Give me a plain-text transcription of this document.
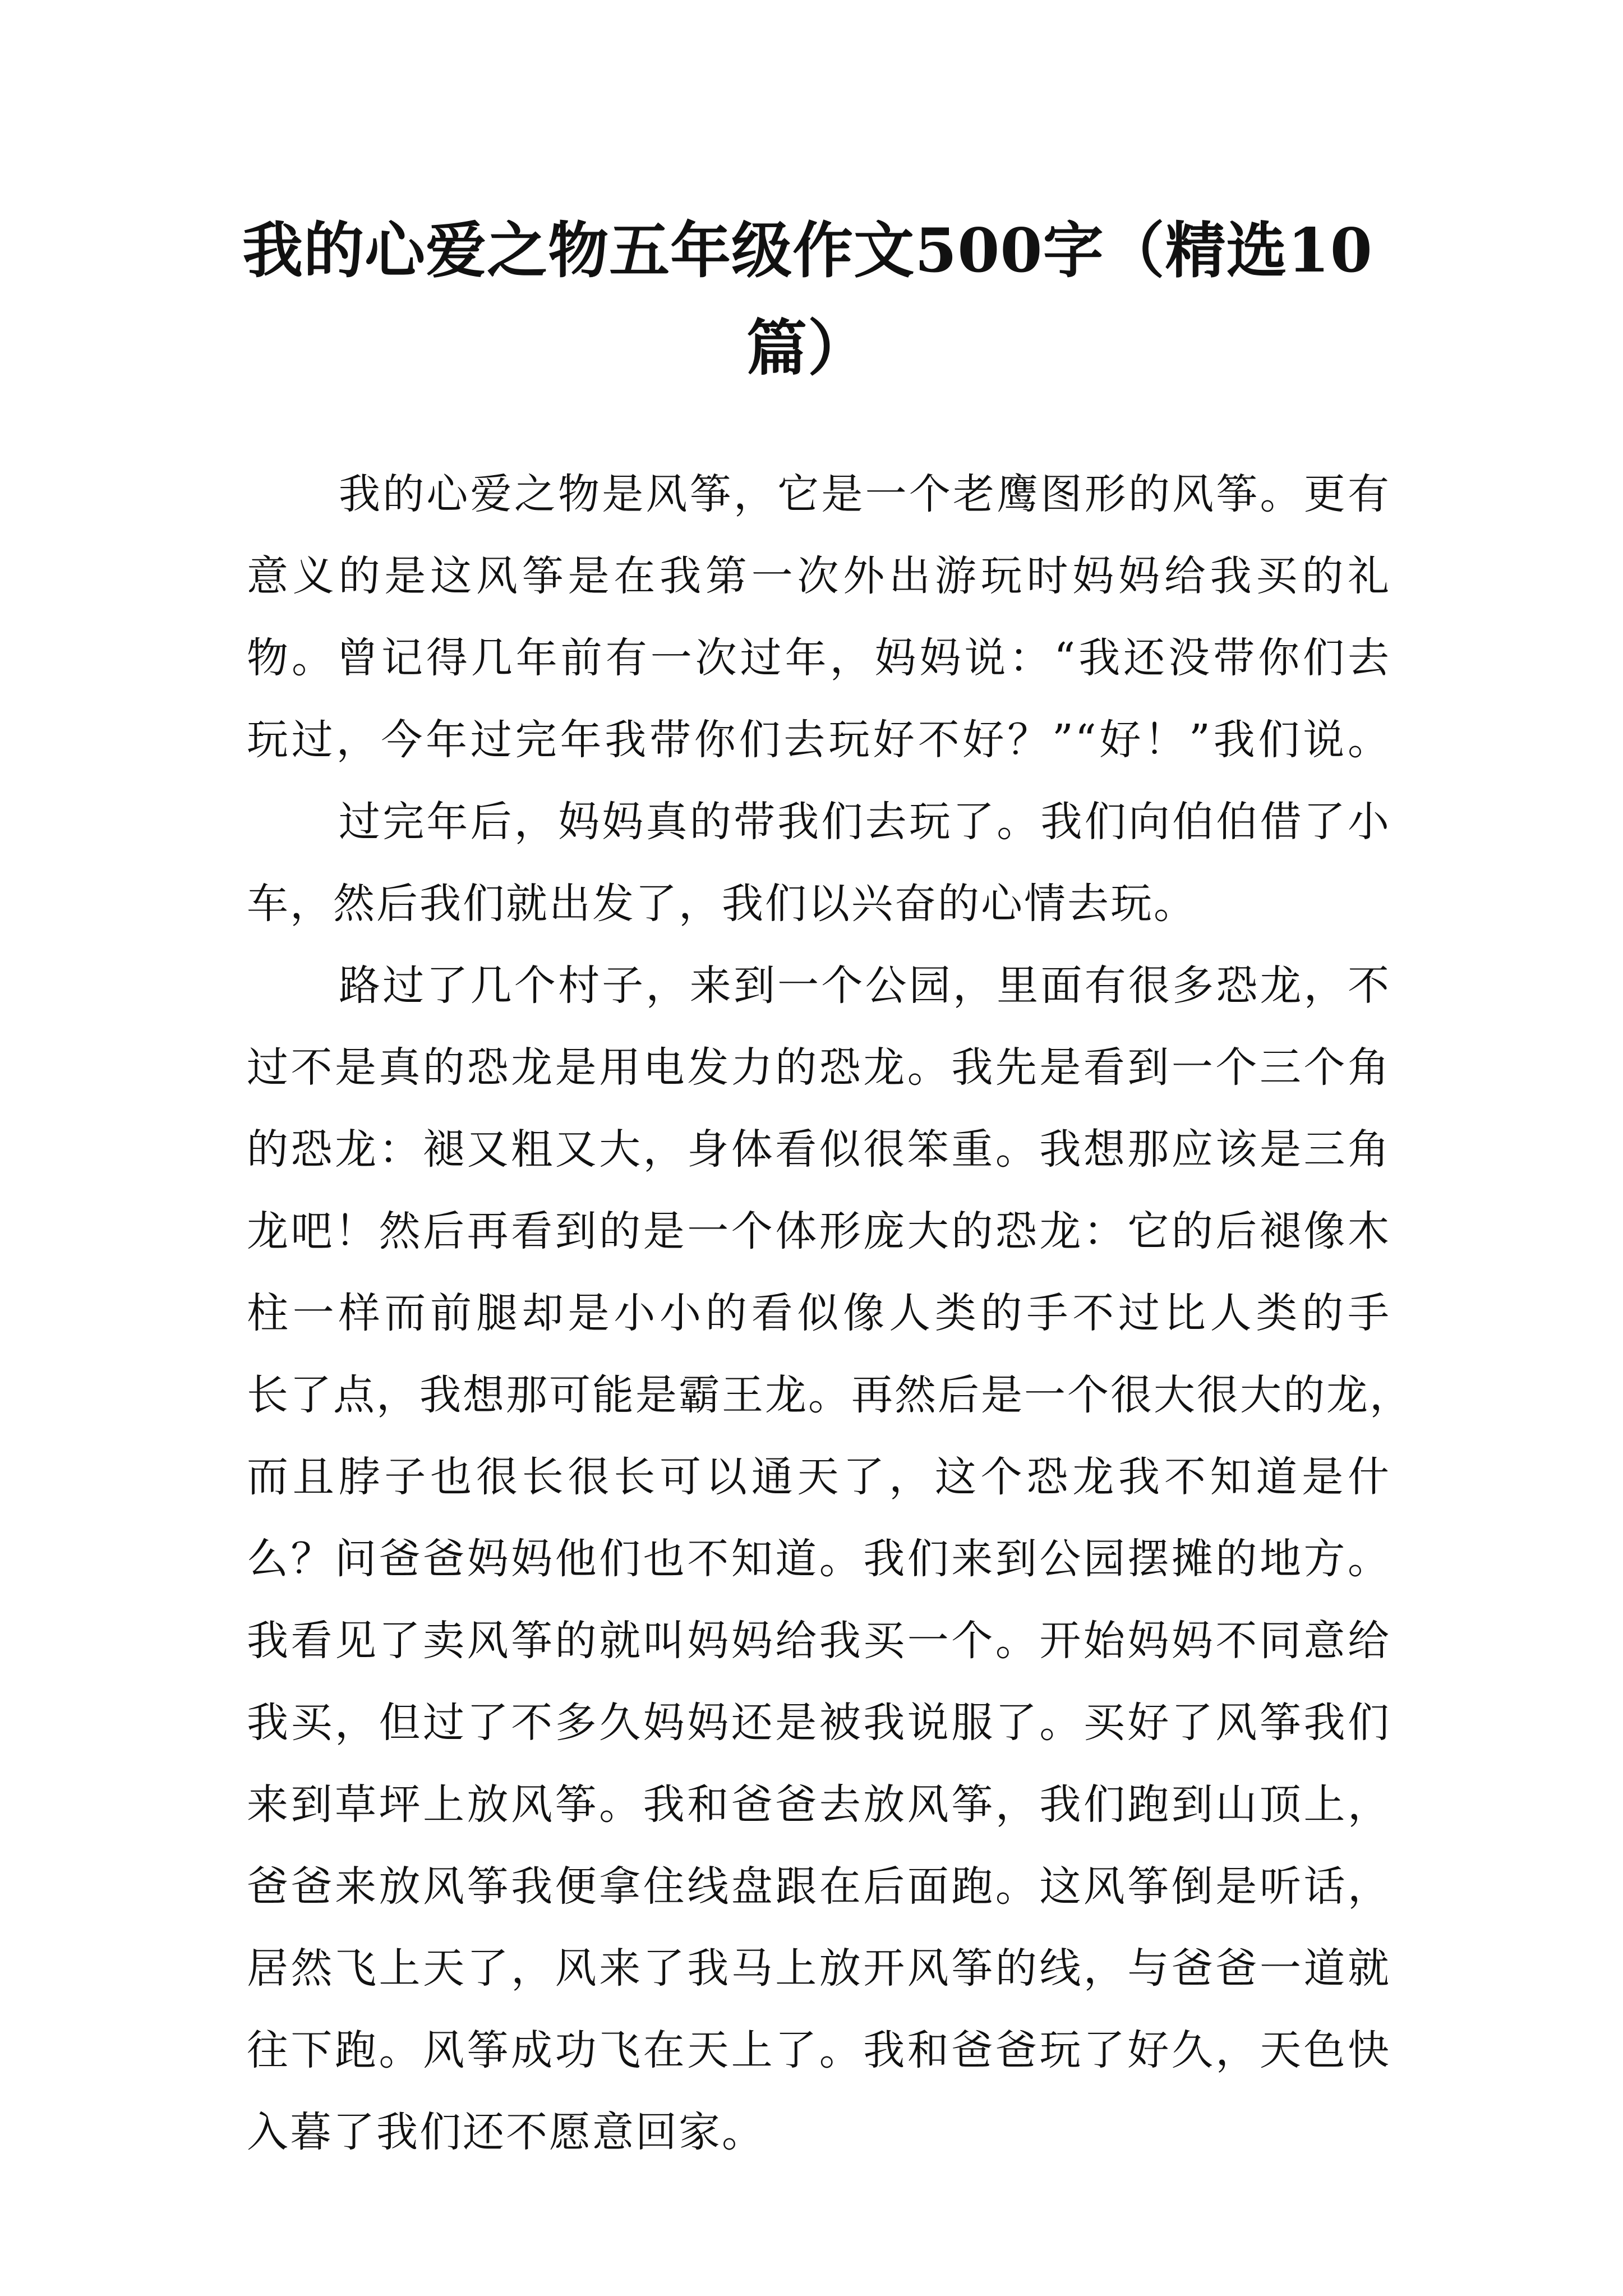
我的心爱之物五年级作文500字（精选10
篇）
我的心爱之物是风筝，它是一个老鹰图形的风筝。更有
意义的是这风筝是在我第一次外出游玩时妈妈给我买的礼
物。曾记得几年前有一次过年，妈妈说：“我还没带你们去
玩过，今年过完年我带你们去玩好不好？”“好！”我们说。
过完年后，妈妈真的带我们去玩了。我们向伯伯借了小
车，然后我们就出发了，我们以兴奋的心情去玩。
路过了几个村子，来到一个公园，里面有很多恐龙，不
过不是真的恐龙是用电发力的恐龙。我先是看到一个三个角
的恐龙：褪又粗又大，身体看似很笨重。我想那应该是三角
龙吧！然后再看到的是一个体形庞大的恐龙：它的后褪像木
柱一样而前腿却是小小的看似像人类的手不过比人类的手
长了点，我想那可能是霸王龙。再然后是一个很大很大的龙，
而且脖子也很长很长可以通天了，这个恐龙我不知道是什
么？问爸爸妈妈他们也不知道。我们来到公园摆摊的地方。
我看见了卖风筝的就叫妈妈给我买一个。开始妈妈不同意给
我买，但过了不多久妈妈还是被我说服了。买好了风筝我们
来到草坪上放风筝。我和爸爸去放风筝，我们跑到山顶上，
爸爸来放风筝我便拿住线盘跟在后面跑。这风筝倒是听话，
居然飞上天了，风来了我马上放开风筝的线，与爸爸一道就
往下跑。风筝成功飞在天上了。我和爸爸玩了好久，天色快
入暮了我们还不愿意回家。
